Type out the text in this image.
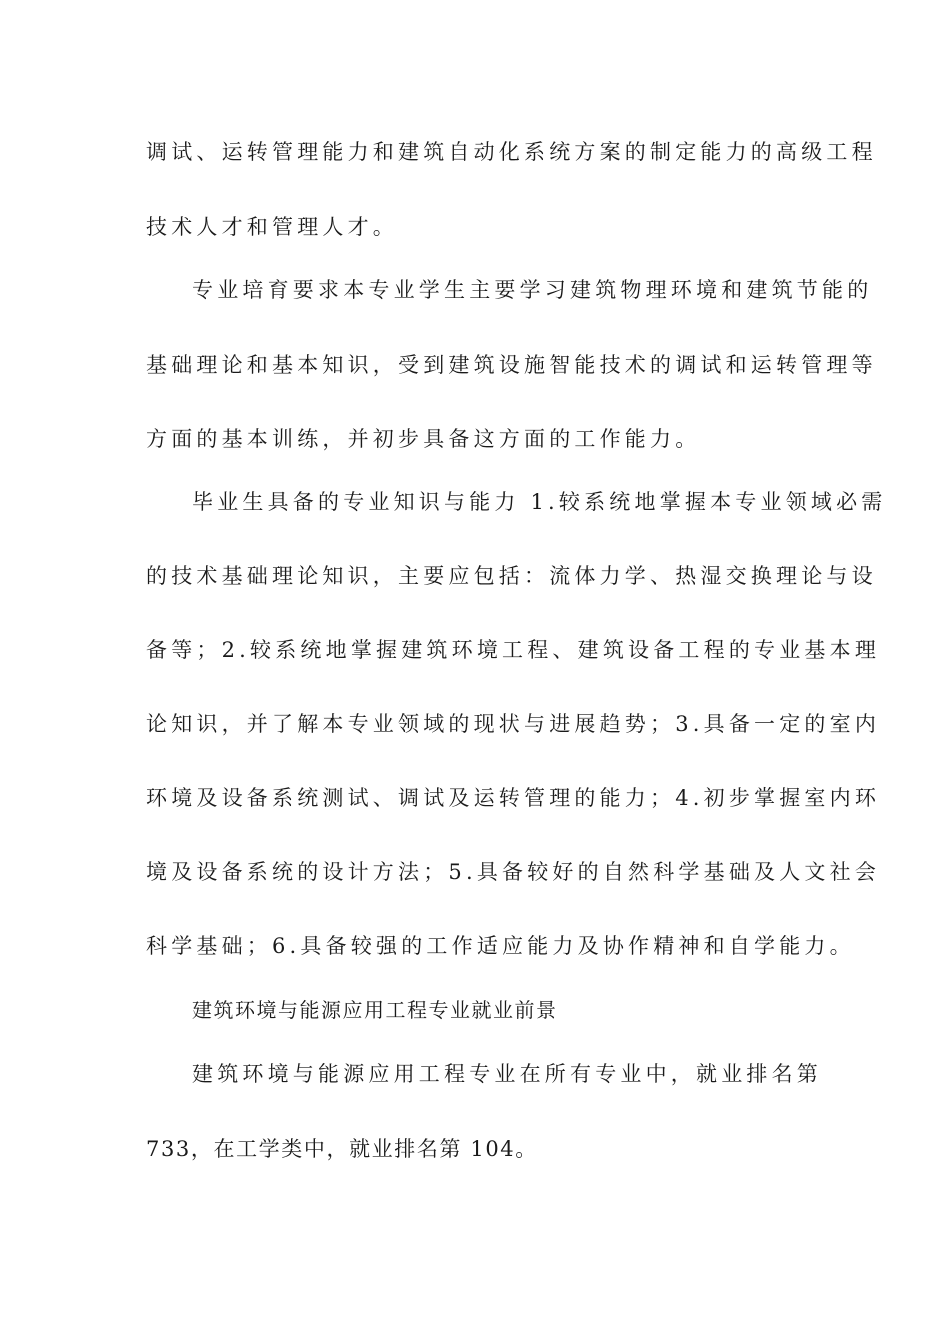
调试、运转管理能力和建筑自动化系统方案的制定能力的高级工程
技术人才和管理人才。
专业培育要求本专业学生主要学习建筑物理环境和建筑节能的
基础理论和基本知识，受到建筑设施智能技术的调试和运转管理等
方面的基本训练，并初步具备这方面的工作能力。
毕业生具备的专业知识与能力 1.较系统地掌握本专业领域必需
的技术基础理论知识，主要应包括：流体力学、热湿交换理论与设
备等；2.较系统地掌握建筑环境工程、建筑设备工程的专业基本理
论知识，并了解本专业领域的现状与进展趋势；3.具备一定的室内
环境及设备系统测试、调试及运转管理的能力；4.初步掌握室内环
境及设备系统的设计方法；5.具备较好的自然科学基础及人文社会
科学基础；6.具备较强的工作适应能力及协作精神和自学能力。
建筑环境与能源应用工程专业就业前景
建筑环境与能源应用工程专业在所有专业中，就业排名第
733，在工学类中，就业排名第 104。
